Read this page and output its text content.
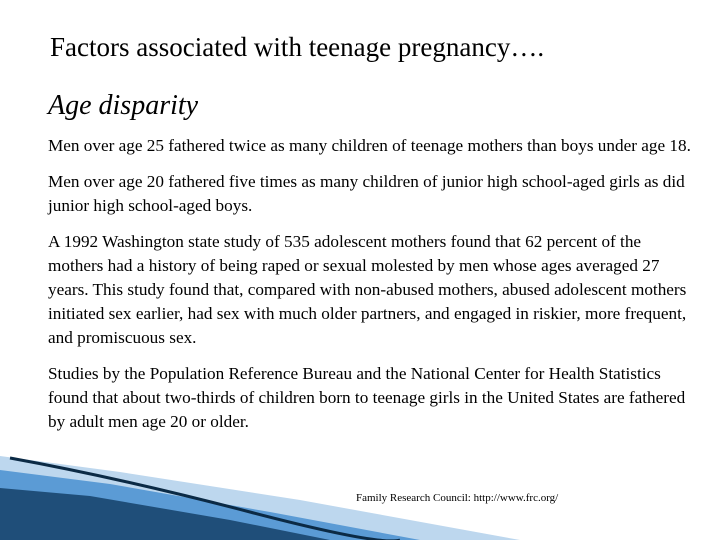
Factors associated with teenage pregnancy….
Age disparity

Men over age 25 fathered twice as many children of teenage mothers than boys under age 18.

Men over age 20 fathered five times as many children of junior high school-aged girls as did junior high school-aged boys.

A 1992 Washington state study of 535 adolescent mothers found that 62 percent of the mothers had a history of being raped or sexual molested by men whose ages averaged 27 years. This study found that, compared with non-abused mothers, abused adolescent mothers initiated sex earlier, had sex with much older partners, and engaged in riskier, more frequent, and promiscuous sex.

Studies by the Population Reference Bureau and the National Center for Health Statistics found that about two-thirds of children born to teenage girls in the United States are fathered by adult men age 20 or older.

Family Research Council: http://www.frc.org/
